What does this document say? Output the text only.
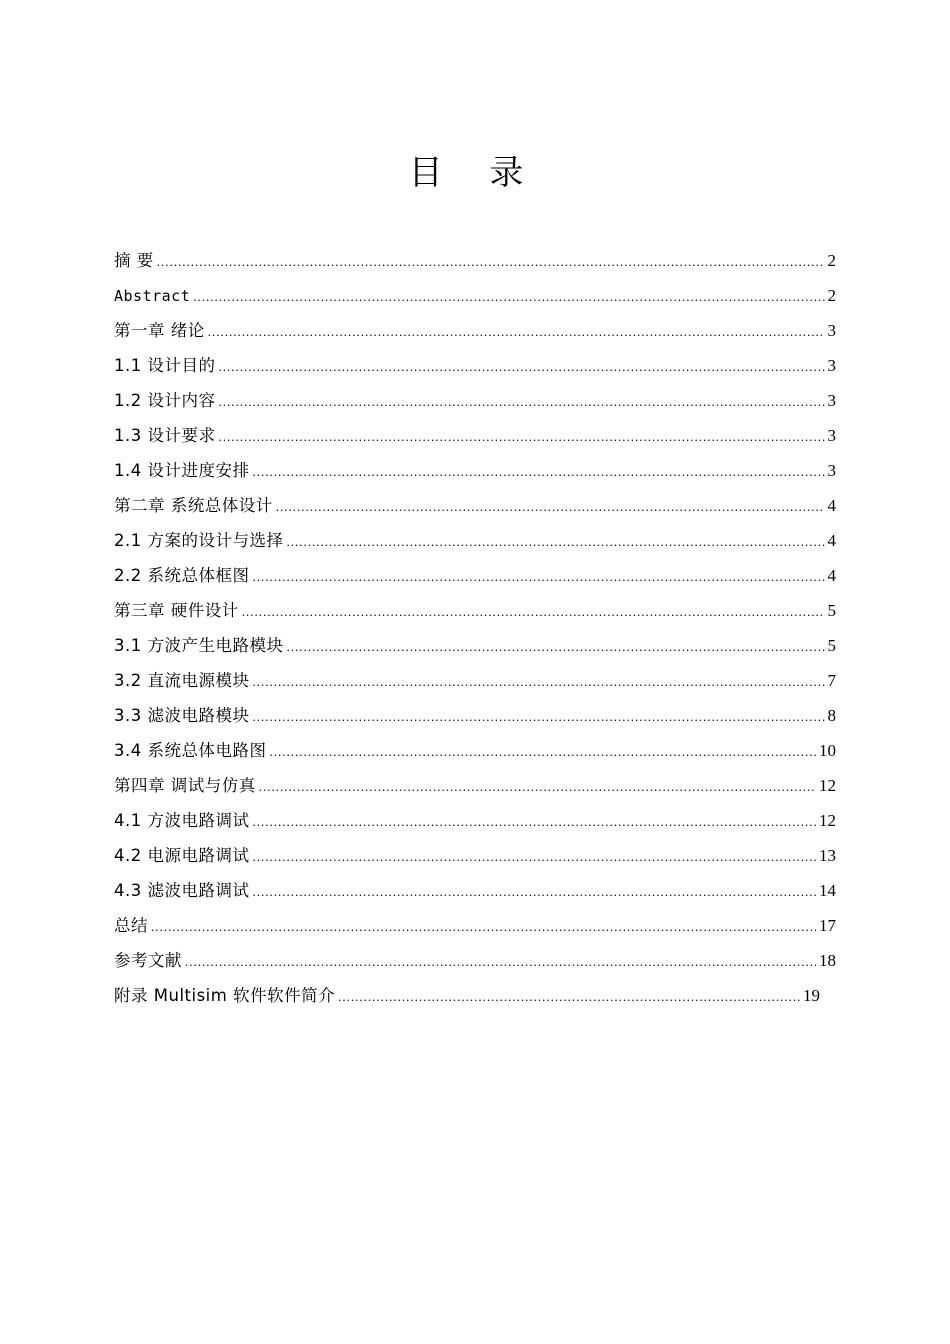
目 录
摘 要 .....	2
Abstract .....	2
第一章 绪论 .....	3
1.1 设计目的 .....	3
1.2 设计内容 .....	3
1.3 设计要求 .....	3
1.4 设计进度安排 .....	3
第二章 系统总体设计 .....	4
2.1 方案的设计与选择 .....	4
2.2 系统总体框图 .....	4
第三章 硬件设计 .....	5
3.1 方波产生电路模块 .....	5
3.2 直流电源模块 .....	7
3.3 滤波电路模块 .....	8
3.4 系统总体电路图 .....	10
第四章 调试与仿真 .....	12
4.1 方波电路调试 .....	12
4.2 电源电路调试 .....	13
4.3 滤波电路调试 .....	14
总结 .....	17
参考文献 .....	18
附录 Multisim 软件软件简介 .....	19
